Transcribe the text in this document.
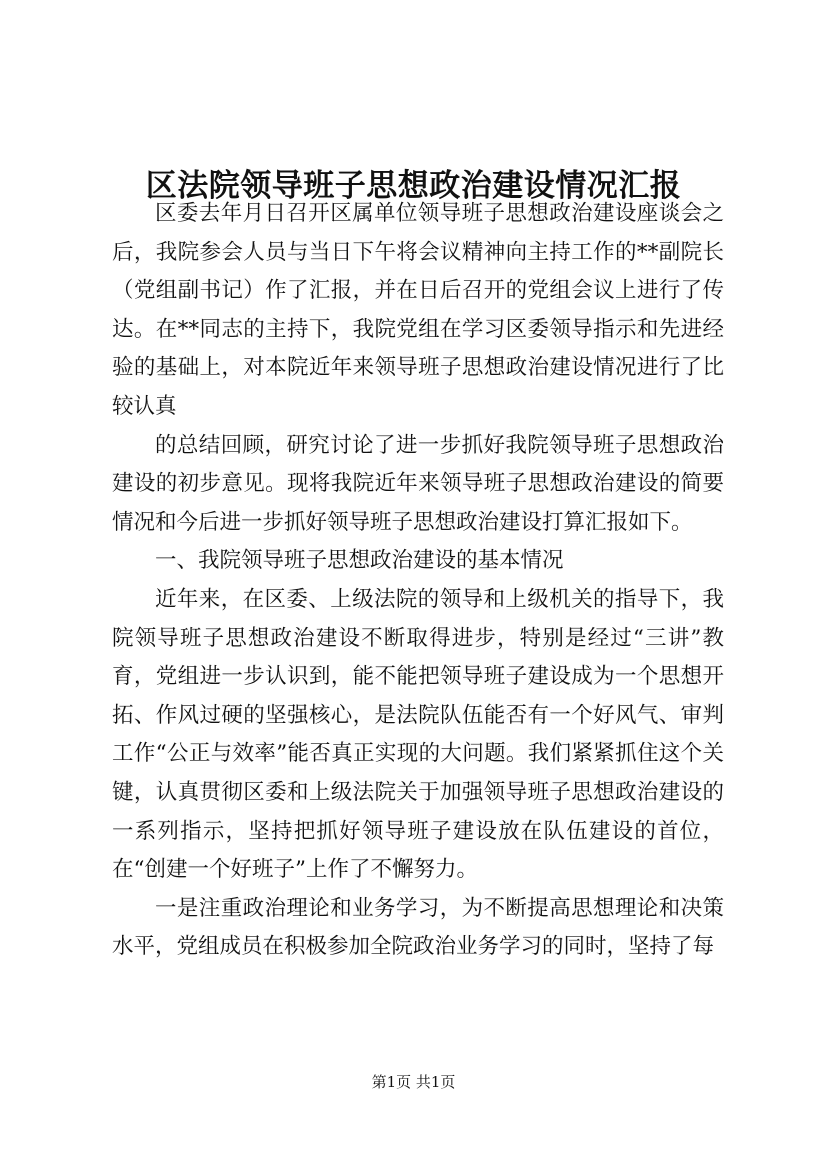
区法院领导班子思想政治建设情况汇报

区委去年月日召开区属单位领导班子思想政治建设座谈会之后，我院参会人员与当日下午将会议精神向主持工作的**副院长（党组副书记）作了汇报，并在日后召开的党组会议上进行了传达。在**同志的主持下，我院党组在学习区委领导指示和先进经验的基础上，对本院近年来领导班子思想政治建设情况进行了比较认真

的总结回顾，研究讨论了进一步抓好我院领导班子思想政治建设的初步意见。现将我院近年来领导班子思想政治建设的简要情况和今后进一步抓好领导班子思想政治建设打算汇报如下。

一、我院领导班子思想政治建设的基本情况

近年来，在区委、上级法院的领导和上级机关的指导下，我院领导班子思想政治建设不断取得进步，特别是经过“三讲”教育，党组进一步认识到，能不能把领导班子建设成为一个思想开拓、作风过硬的坚强核心，是法院队伍能否有一个好风气、审判工作“公正与效率”能否真正实现的大问题。我们紧紧抓住这个关键，认真贯彻区委和上级法院关于加强领导班子思想政治建设的一系列指示，坚持把抓好领导班子建设放在队伍建设的首位，在“创建一个好班子”上作了不懈努力。

一是注重政治理论和业务学习，为不断提高思想理论和决策水平，党组成员在积极参加全院政治业务学习的同时，坚持了每

第1页 共1页
